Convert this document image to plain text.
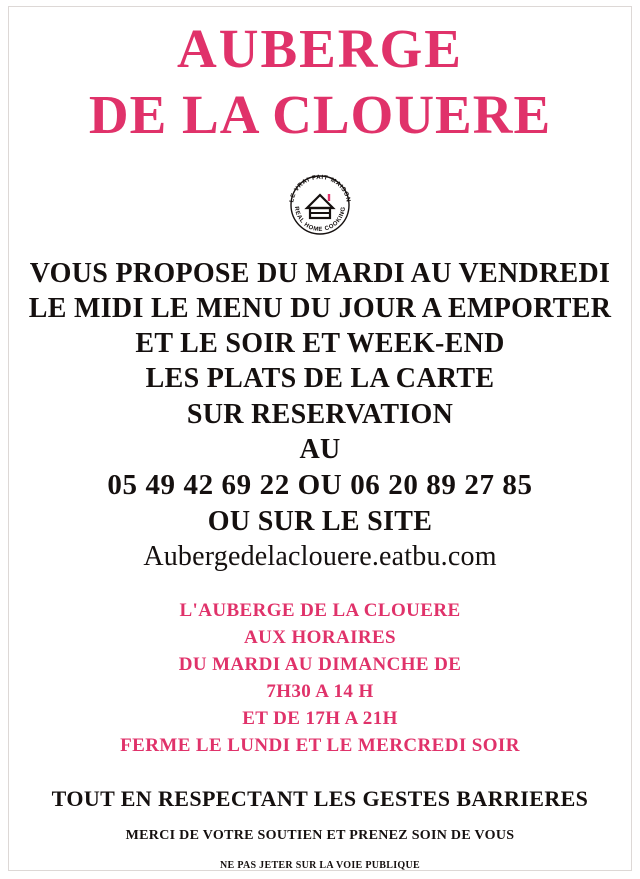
AUBERGE
DE LA CLOUERE
LE VRAI FAIT MAISON
REAL HOME COOKING
VOUS PROPOSE DU MARDI AU VENDREDI
LE MIDI LE MENU DU JOUR A EMPORTER
ET LE SOIR ET WEEK-END
LES PLATS DE LA CARTE
SUR RESERVATION
AU
05 49 42 69 22 OU 06 20 89 27 85
OU SUR LE SITE
Aubergedelaclouere.eatbu.com
L'AUBERGE DE LA CLOUERE
AUX HORAIRES
DU MARDI AU DIMANCHE DE
7H30 A 14 H
ET DE 17H A 21H
FERME LE LUNDI ET LE MERCREDI SOIR
TOUT EN RESPECTANT LES GESTES BARRIERES
MERCI DE VOTRE SOUTIEN ET PRENEZ SOIN DE VOUS
NE PAS JETER SUR LA VOIE PUBLIQUE
